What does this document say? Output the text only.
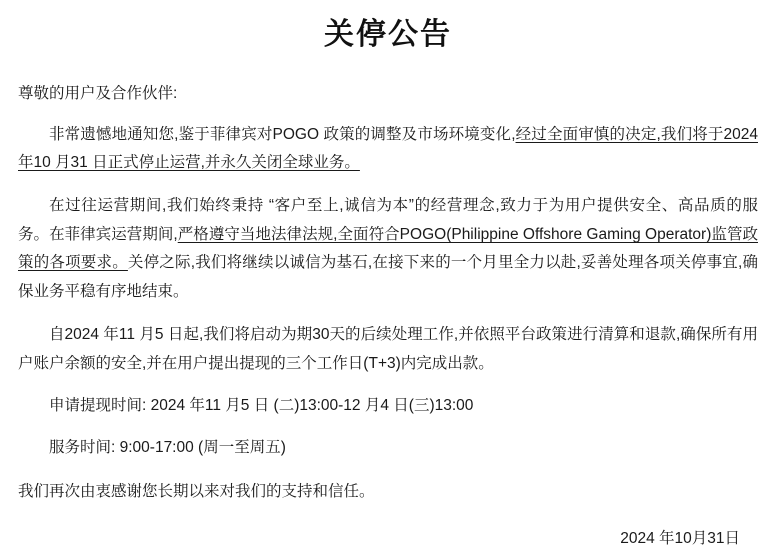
关停公告
尊敬的用户及合作伙伴:

非常遗憾地通知您,鉴于菲律宾对POGO 政策的调整及市场环境变化,经过全面审慎的决定,我们将于2024 年10 月31 日正式停止运营,并永久关闭全球业务。

在过往运营期间,我们始终秉持 “客户至上,诚信为本”的经营理念,致力于为用户提供安全、高品质的服务。在菲律宾运营期间,严格遵守当地法律法规,全面符合POGO(Philippine Offshore Gaming Operator)监管政策的各项要求。关停之际,我们将继续以诚信为基石,在接下来的一个月里全力以赴,妥善处理各项关停事宜,确保业务平稳有序地结束。

自2024 年11 月5 日起,我们将启动为期30天的后续处理工作,并依照平台政策进行清算和退款,确保所有用户账户余额的安全,并在用户提出提现的三个工作日(T+3)内完成出款。

申请提现时间: 2024 年11 月5 日 (二)13:00-12 月4 日(三)13:00
服务时间: 9:00-17:00 (周一至周五)
我们再次由衷感谢您长期以来对我们的支持和信任。
2024 年10月31日
